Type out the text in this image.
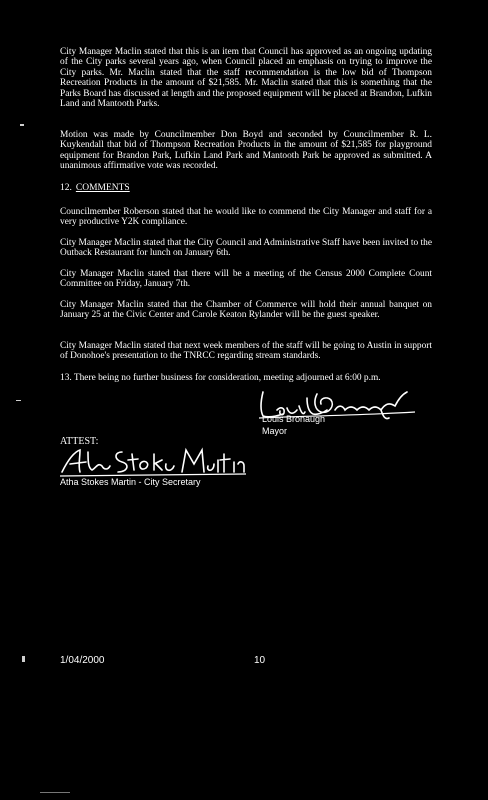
City Manager Maclin stated that this is an item that Council has approved as an ongoing updating of the City parks several years ago, when Council placed an emphasis on trying to improve the City parks. Mr. Maclin stated that the staff recommendation is the low bid of Thompson Recreation Products in the amount of $21,585. Mr. Maclin stated that this is something that the Parks Board has discussed at length and the proposed equipment will be placed at Brandon, Lufkin Land and Mantooth Parks.

Motion was made by Councilmember Don Boyd and seconded by Councilmember R. L. Kuykendall that bid of Thompson Recreation Products in the amount of $21,585 for playground equipment for Brandon Park, Lufkin Land Park and Mantooth Park be approved as submitted. A unanimous affirmative vote was recorded.

12. COMMENTS

Councilmember Roberson stated that he would like to commend the City Manager and staff for a very productive Y2K compliance.

City Manager Maclin stated that the City Council and Administrative Staff have been invited to the Outback Restaurant for lunch on January 6th.

City Manager Maclin stated that there will be a meeting of the Census 2000 Complete Count Committee on Friday, January 7th.

City Manager Maclin stated that the Chamber of Commerce will hold their annual banquet on January 25 at the Civic Center and Carole Keaton Rylander will be the guest speaker.

City Manager Maclin stated that next week members of the staff will be going to Austin in support of Donohoe's presentation to the TNRCC regarding stream standards.

13. There being no further business for consideration, meeting adjourned at 6:00 p.m.

Louis Bronaugh
Mayor
ATTEST:
Atha Stokes Martin - City Secretary
1/04/2000	10
